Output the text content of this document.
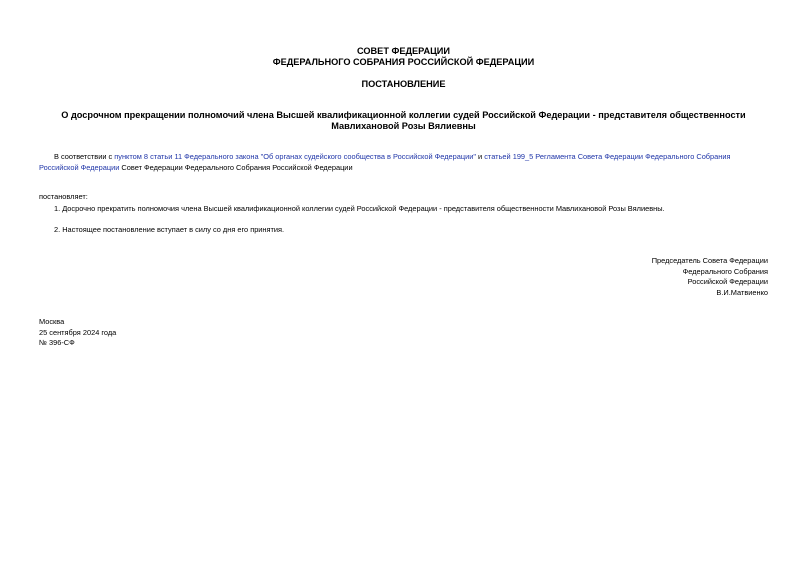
СОВЕТ ФЕДЕРАЦИИ
ФЕДЕРАЛЬНОГО СОБРАНИЯ РОССИЙСКОЙ ФЕДЕРАЦИИ
ПОСТАНОВЛЕНИЕ
О досрочном прекращении полномочий члена Высшей квалификационной коллегии судей Российской Федерации - представителя общественности
Мавлихановой Розы Вялиевны
В соответствии с пунктом 8 статьи 11 Федерального закона "Об органах судейского сообщества в Российской Федерации" и статьей 199_5 Регламента Совета Федерации Федерального Собрания Российской Федерации Совет Федерации Федерального Собрания Российской Федерации
постановляет:
1. Досрочно прекратить полномочия члена Высшей квалификационной коллегии судей Российской Федерации - представителя общественности Мавлихановой Розы Вялиевны.
2. Настоящее постановление вступает в силу со дня его принятия.
Председатель Совета Федерации
Федерального Собрания
Российской Федерации
В.И.Матвиенко
Москва
25 сентября 2024 года
№ 396-СФ
